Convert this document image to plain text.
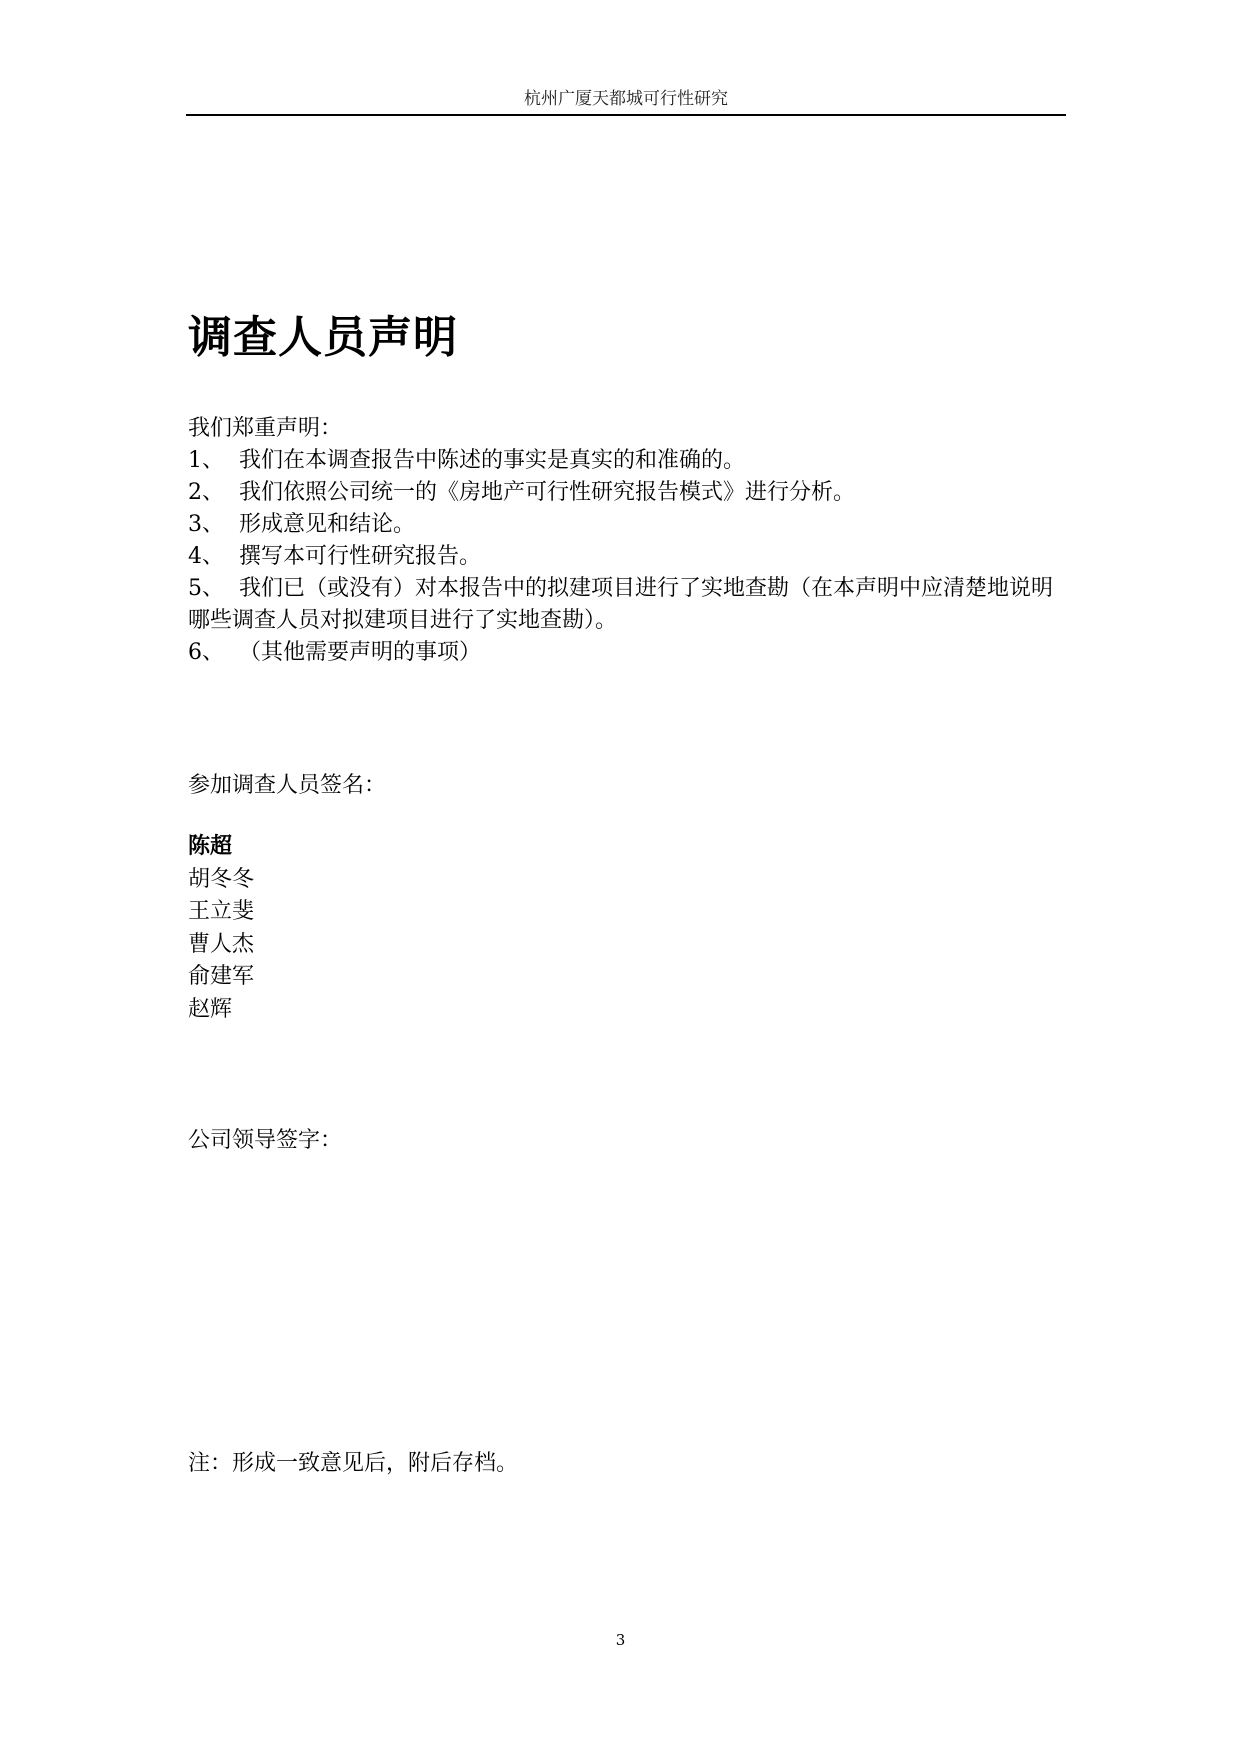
杭州广厦天都城可行性研究
调查人员声明

我们郑重声明：

1、 我们在本调查报告中陈述的事实是真实的和准确的。

2、 我们依照公司统一的《房地产可行性研究报告模式》进行分析。

3、 形成意见和结论。

4、 撰写本可行性研究报告。

5、 我们已（或没有）对本报告中的拟建项目进行了实地查勘（在本声明中应清楚地说明哪些调查人员对拟建项目进行了实地查勘）。

6、 （其他需要声明的事项）

参加调查人员签名：

陈超
胡冬冬
王立斐
曹人杰
俞建军
赵辉

公司领导签字：

注：形成一致意见后，附后存档。

3
